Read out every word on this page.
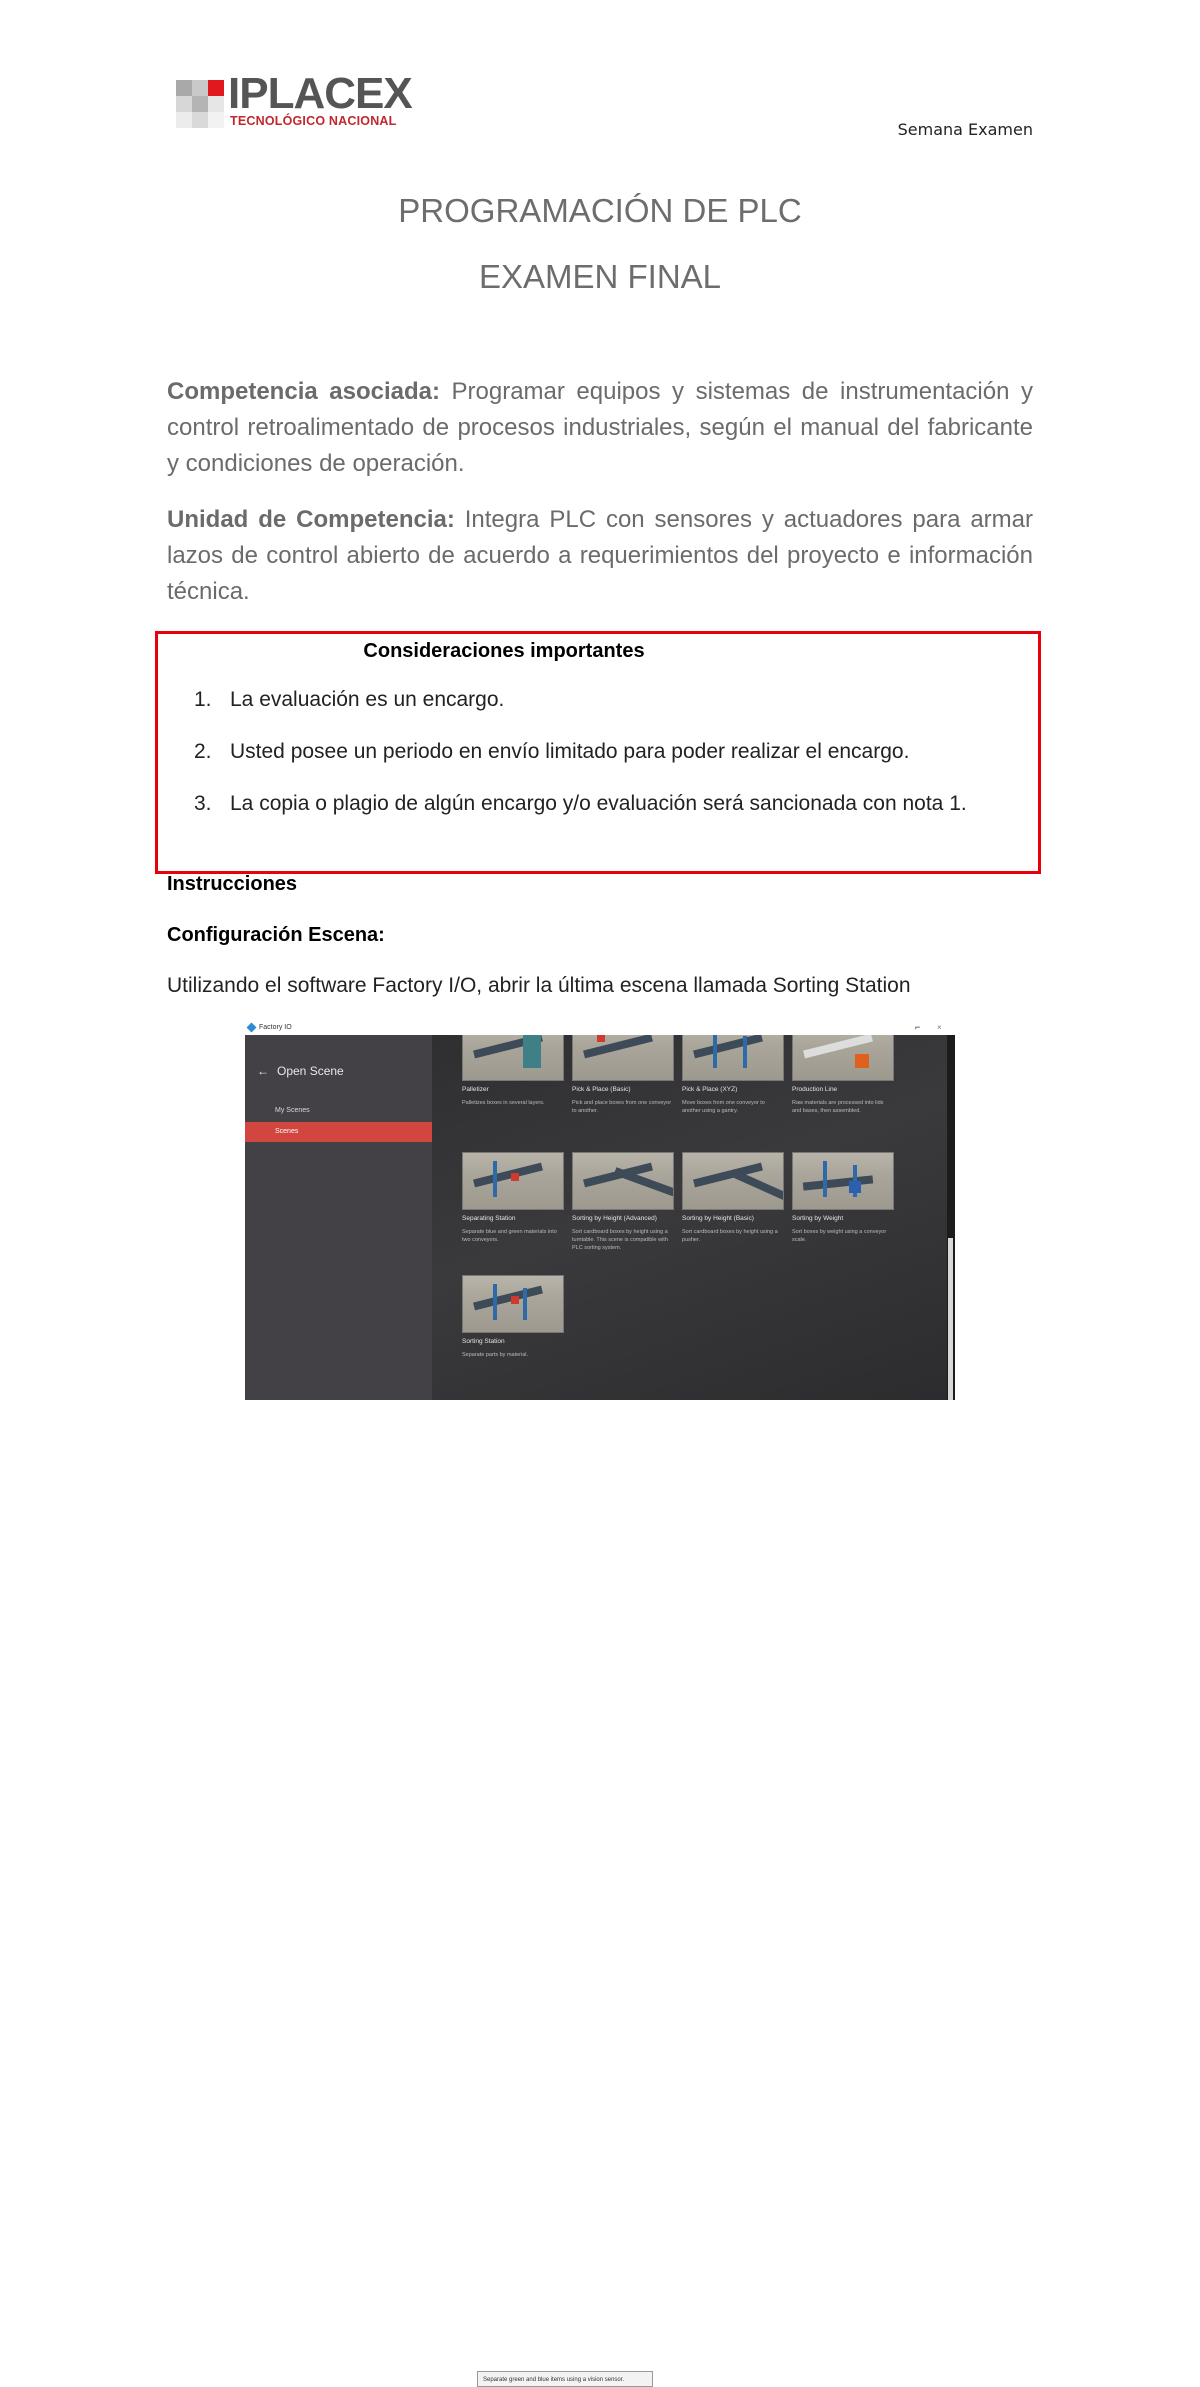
IPLACEX
TECNOLÓGICO NACIONAL	Semana Examen
PROGRAMACIÓN DE PLC
EXAMEN FINAL
Competencia asociada: Programar equipos y sistemas de instrumentación y control retroalimentado de procesos industriales, según el manual del fabricante y condiciones de operación.
Unidad de Competencia: Integra PLC con sensores y actuadores para armar lazos de control abierto de acuerdo a requerimientos del proyecto e información técnica.
Consideraciones importantes
1. La evaluación es un encargo.
2. Usted posee un periodo en envío limitado para poder realizar el encargo.
3. La copia o plagio de algún encargo y/o evaluación será sancionada con nota 1.
Instrucciones
Configuración Escena:
Utilizando el software Factory I/O, abrir la última escena llamada Sorting Station
Factory IO	⌐ ×
← Open Scene
My Scenes
Scenes
Palletizer
Palletizes boxes in several layers.
Pick & Place (Basic)
Pick and place boxes from one conveyor to another.
Pick & Place (XYZ)
Move boxes from one conveyor to another using a gantry.
Production Line
Raw materials are processed into lids and bases, then assembled.
Separating Station
Separate blue and green materials into two conveyors.
Sorting by Height (Advanced)
Sort cardboard boxes by height using a turntable. This scene is compatible with PLC sorting system.
Sorting by Height (Basic)
Sort cardboard boxes by height using a pusher.
Sorting by Weight
Sort boxes by weight using a conveyor scale.
Sorting Station
Separate parts by material.
Separate green and blue items using a vision sensor.
